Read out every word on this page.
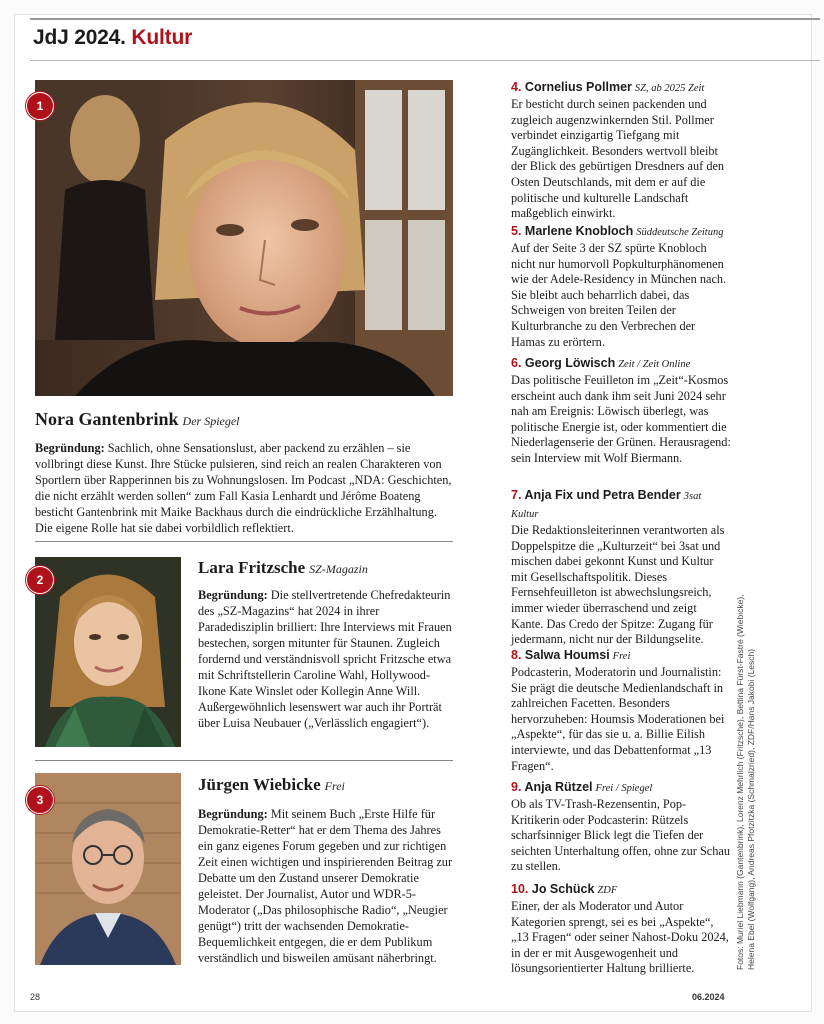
JdJ 2024. Kultur
1
Nora Gantenbrink Der Spiegel
Begründung: Sachlich, ohne Sensationslust, aber packend zu erzählen – sie vollbringt diese Kunst. Ihre Stücke pulsieren, sind reich an realen Charakteren von Sportlern über Rapperinnen bis zu Wohnungslosen. Im Podcast „NDA: Geschichten, die nicht erzählt werden sollen“ zum Fall Kasia Lenhardt und Jérôme Boateng besticht Gantenbrink mit Maike Backhaus durch die eindrückliche Erzählhaltung. Die eigene Rolle hat sie dabei vorbildlich reflektiert.
2
Lara Fritzsche SZ-Magazin
Begründung: Die stellvertretende Chefredakteurin des „SZ-Magazins“ hat 2024 in ihrer Paradedisziplin brilliert: Ihre Interviews mit Frauen bestechen, sorgen mitunter für Staunen. Zugleich fordernd und verständnisvoll spricht Fritzsche etwa mit Schriftstellerin Caroline Wahl, Hollywood-Ikone Kate Winslet oder Kollegin Anne Will. Außergewöhnlich lesenswert war auch ihr Porträt über Luisa Neubauer („Verlässlich engagiert“).
3
Jürgen Wiebicke Frei
Begründung: Mit seinem Buch „Erste Hilfe für Demokratie-Retter“ hat er dem Thema des Jahres ein ganz eigenes Forum gegeben und zur richtigen Zeit einen wichtigen und inspirierenden Beitrag zur Debatte um den Zustand unserer Demokratie geleistet. Der Journalist, Autor und WDR-5-Moderator („Das philosophische Radio“, „Neugier genügt“) tritt der wachsenden Demokratie-Bequemlichkeit entgegen, die er dem Publikum verständlich und bisweilen amüsant näherbringt.
4. Cornelius Pollmer SZ, ab 2025 Zeit

Er besticht durch seinen packenden und zugleich augenzwinkernden Stil. Pollmer verbindet einzigartig Tiefgang mit Zugänglichkeit. Besonders wertvoll bleibt der Blick des gebürtigen Dresdners auf den Osten Deutschlands, mit dem er auf die politische und kulturelle Landschaft maßgeblich einwirkt.

5. Marlene Knobloch Süddeutsche Zeitung

Auf der Seite 3 der SZ spürte Knobloch nicht nur humorvoll Popkulturphänomenen wie der Adele-Residency in München nach. Sie bleibt auch beharrlich dabei, das Schweigen von breiten Teilen der Kulturbranche zu den Verbrechen der Hamas zu erörtern.

6. Georg Löwisch Zeit / Zeit Online

Das politische Feuilleton im „Zeit“-Kosmos erscheint auch dank ihm seit Juni 2024 sehr nah am Ereignis: Löwisch überlegt, was politische Energie ist, oder kommentiert die Niederlagenserie der Grünen. Herausragend: sein Interview mit Wolf Biermann.

7. Anja Fix und Petra Bender 3sat Kultur

Die Redaktionsleiterinnen verantworten als Doppelspitze die „Kulturzeit“ bei 3sat und mischen dabei gekonnt Kunst und Kultur mit Gesellschaftspolitik. Dieses Fernsehfeuilleton ist abwechslungsreich, immer wieder überraschend und zeigt Kante. Das Credo der Spitze: Zugang für jedermann, nicht nur der Bildungselite.

8. Salwa Houmsi Frei

Podcasterin, Moderatorin und Journalistin: Sie prägt die deutsche Medienlandschaft in zahlreichen Facetten. Besonders hervorzuheben: Houmsis Moderationen bei „Aspekte“, für das sie u. a. Billie Eilish interviewte, und das Debattenformat „13 Fragen“.

9. Anja Rützel Frei / Spiegel

Ob als TV-Trash-Rezensentin, Pop-Kritikerin oder Podcasterin: Rützels scharfsinniger Blick legt die Tiefen der seichten Unterhaltung offen, ohne zur Schau zu stellen.

10. Jo Schück ZDF

Einer, der als Moderator und Autor Kategorien sprengt, sei es bei „Aspekte“, „13 Fragen“ oder seiner Nahost-Doku 2024, in der er mit Ausgewogenheit und lösungsorientierter Haltung brillierte.	Fotos: Muriel Liebmann (Gantenbrink), Lorenz Mehrlich (Fritzsche), Bettina Fürst-Fastré (Wiebicke), Helena Ebel (Wolfgang), Andreas Pfotzitzka (Schmalzried), ZDF/Hans Jakobi (Lesch)
28	06.2024
